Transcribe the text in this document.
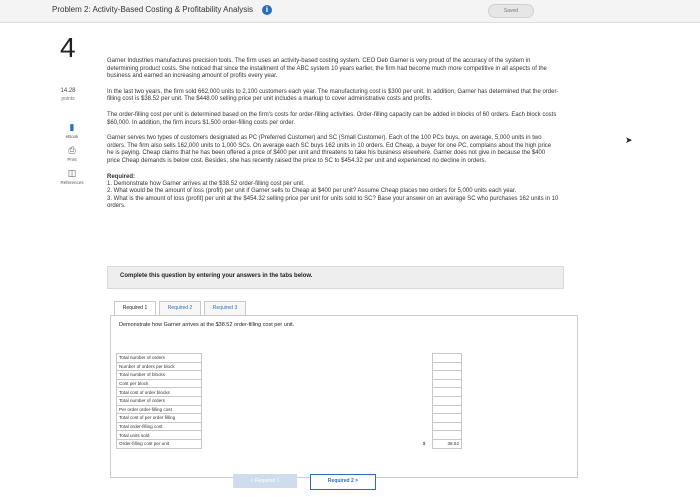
Problem 2: Activity-Based Costing & Profitability Analysis	i	Saved
4
14.28
points
▮
eBook
⎙
Print
◫
References

Garner Industries manufactures precision tools. The firm uses an activity-based costing system. CEO Deb Garner is very proud of the accuracy of the system in determining product costs. She noticed that since the installment of the ABC system 10 years earlier, the firm had become much more competitive in all aspects of the business and earned an increasing amount of profits every year.

In the last two years, the firm sold 662,000 units to 2,100 customers each year. The manufacturing cost is $300 per unit. In addition, Garner has determined that the order-filling cost is $38.52 per unit. The $448.00 selling price per unit includes a markup to cover administrative costs and profits.

The order-filling cost per unit is determined based on the firm's costs for order-filling activities. Order-filling capacity can be added in blocks of 60 orders. Each block costs $60,000. In addition, the firm incurs $1,500 order-filling costs per order.

Garner serves two types of customers designated as PC (Preferred Customer) and SC (Small Customer). Each of the 100 PCs buys, on average, 5,000 units in two orders. The firm also sells 162,000 units to 1,000 SCs. On average each SC buys 162 units in 10 orders. Ed Cheap, a buyer for one PC, complains about the high price he is paying. Cheap claims that he has been offered a price of $400 per unit and threatens to take his business elsewhere. Garner does not give in because the $400 price Cheap demands is below cost. Besides, she has recently raised the price to SC to $454.32 per unit and experienced no decline in orders.

Required:
1. Demonstrate how Garner arrives at the $38.52 order-filling cost per unit.
2. What would be the amount of loss (profit) per unit if Garner sells to Cheap at $400 per unit? Assume Cheap places two orders for 5,000 units each year.
3. What is the amount of loss (profit) per unit at the $454.32 selling price per unit for units sold to SC? Base your answer on an average SC who purchases 162 units in 10 orders.
Complete this question by entering your answers in the tabs below.
Required 1	Required 2	Required 3
Demonstrate how Garner arrives at the $38.52 order-filling cost per unit.
Total number of orders			
Number of orders per block			
Total number of blocks			
Cost per block			
Total cost of order blocks			
Total number of orders			
Per order order-filling cost			
Total cost of per order filling			
Total order-filling cost			
Total units sold			
Order-filling cost per unit		$	38.52
< Required 1	Required 2 >
➤
